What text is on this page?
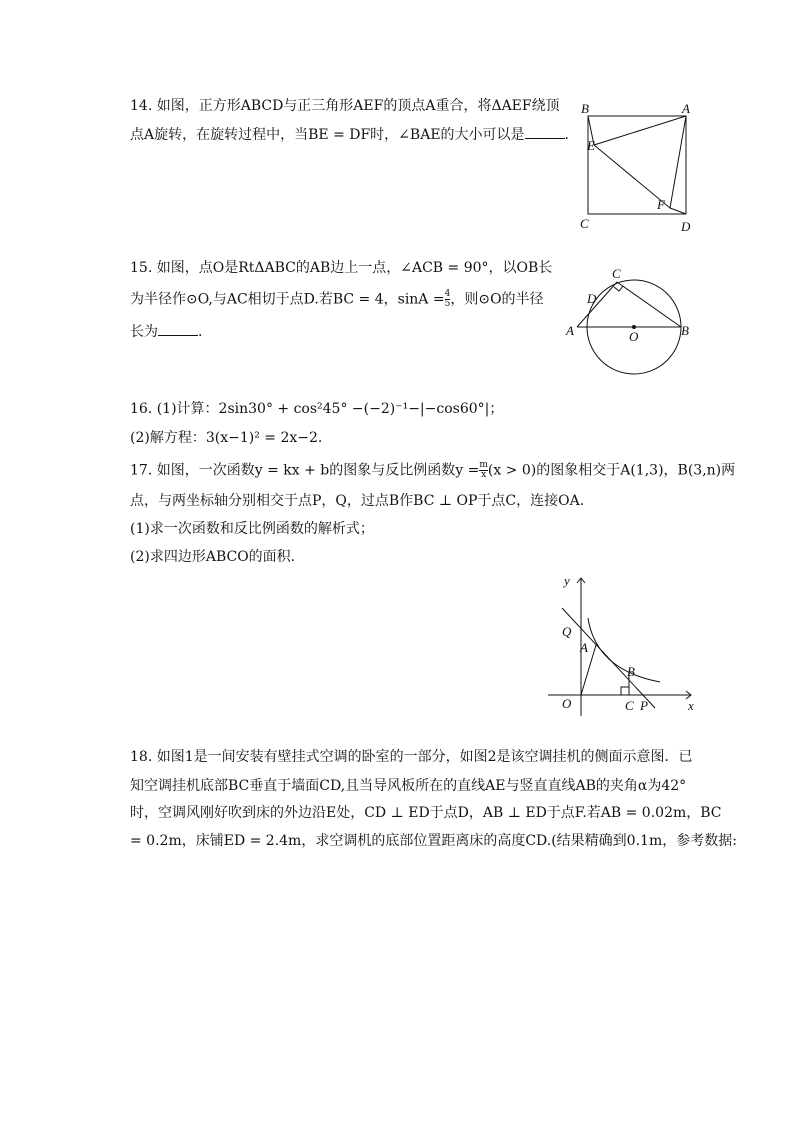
14. 如图，正方形ABCD与正三角形AEF的顶点A重合，将ΔAEF绕顶
点A旋转，在旋转过程中，当BE = DF时，∠BAE的大小可以是	.
B	A
E
F
C	D
15. 如图，点O是RtΔABC的AB边上一点，∠ACB = 90°，以OB长
为半径作⊙O,与AC相切于点D.若BC = 4，$\sin A = \frac{4}{5}$ ，则⊙O的半径
长为	.
C
D
A	O	B
16. (1)计算：2sin30° + cos²45° −(−2)⁻¹−|−cos60°|；
(2)解方程：3(x−1)² = 2x−2.
17. 如图，一次函数y = kx + b的图象与反比例函数$y = \frac{m}{x} (x > 0)$的图象相交于A(1,3)，B(3,n)两
点，与两坐标轴分别相交于点P，Q，过点B作BC ⊥ OP于点C，连接OA.
(1)求一次函数和反比例函数的解析式；
(2)求四边形ABCO的面积．
y
Q
A
B
O	C P	x
18. 如图1是一间安装有壁挂式空调的卧室的一部分，如图2是该空调挂机的侧面示意图．已
知空调挂机底部BC垂直于墙面CD,且当导风板所在的直线AE与竖直直线AB的夹角α为42°
时，空调风刚好吹到床的外边沿E处，CD ⊥ ED于点D，AB ⊥ ED于点F.若AB = 0.02m，BC
= 0.2m，床铺ED = 2.4m，求空调机的底部位置距离床的高度CD.(结果精确到0.1m，参考数据:
